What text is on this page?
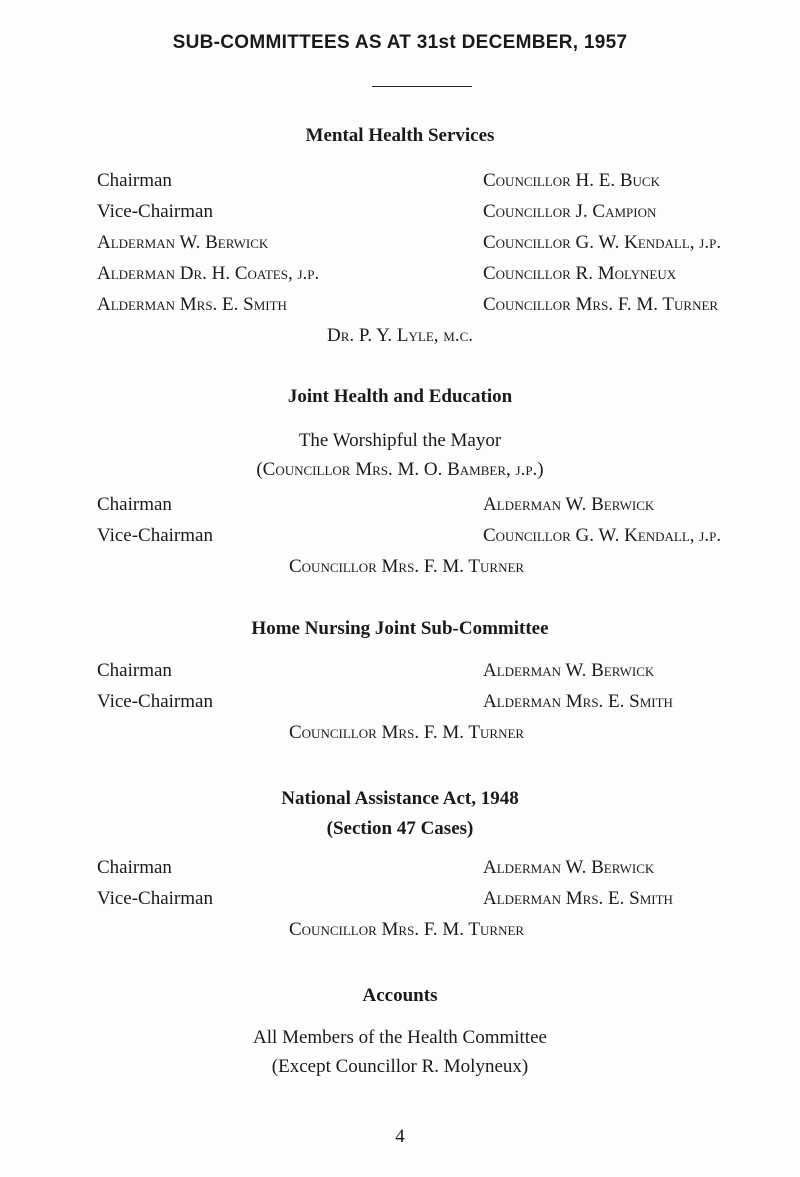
SUB-COMMITTEES AS AT 31st DECEMBER, 1957
Mental Health Services
Chairman
Vice-Chairman
Alderman W. Berwick
Alderman Dr. H. Coates, j.p.
Alderman Mrs. E. Smith
Councillor H. E. Buck
Councillor J. Campion
Councillor G. W. Kendall, j.p.
Councillor R. Molyneux
Councillor Mrs. F. M. Turner
Dr. P. Y. Lyle, m.c.
Joint Health and Education
The Worshipful the Mayor
(Councillor Mrs. M. O. Bamber, j.p.)
Chairman
Vice-Chairman
Alderman W. Berwick
Councillor G. W. Kendall, j.p.
Councillor Mrs. F. M. Turner
Home Nursing Joint Sub-Committee
Chairman
Vice-Chairman
Alderman W. Berwick
Alderman Mrs. E. Smith
Councillor Mrs. F. M. Turner
National Assistance Act, 1948
(Section 47 Cases)
Chairman
Vice-Chairman
Alderman W. Berwick
Alderman Mrs. E. Smith
Councillor Mrs. F. M. Turner
Accounts
All Members of the Health Committee
(Except Councillor R. Molyneux)
4
